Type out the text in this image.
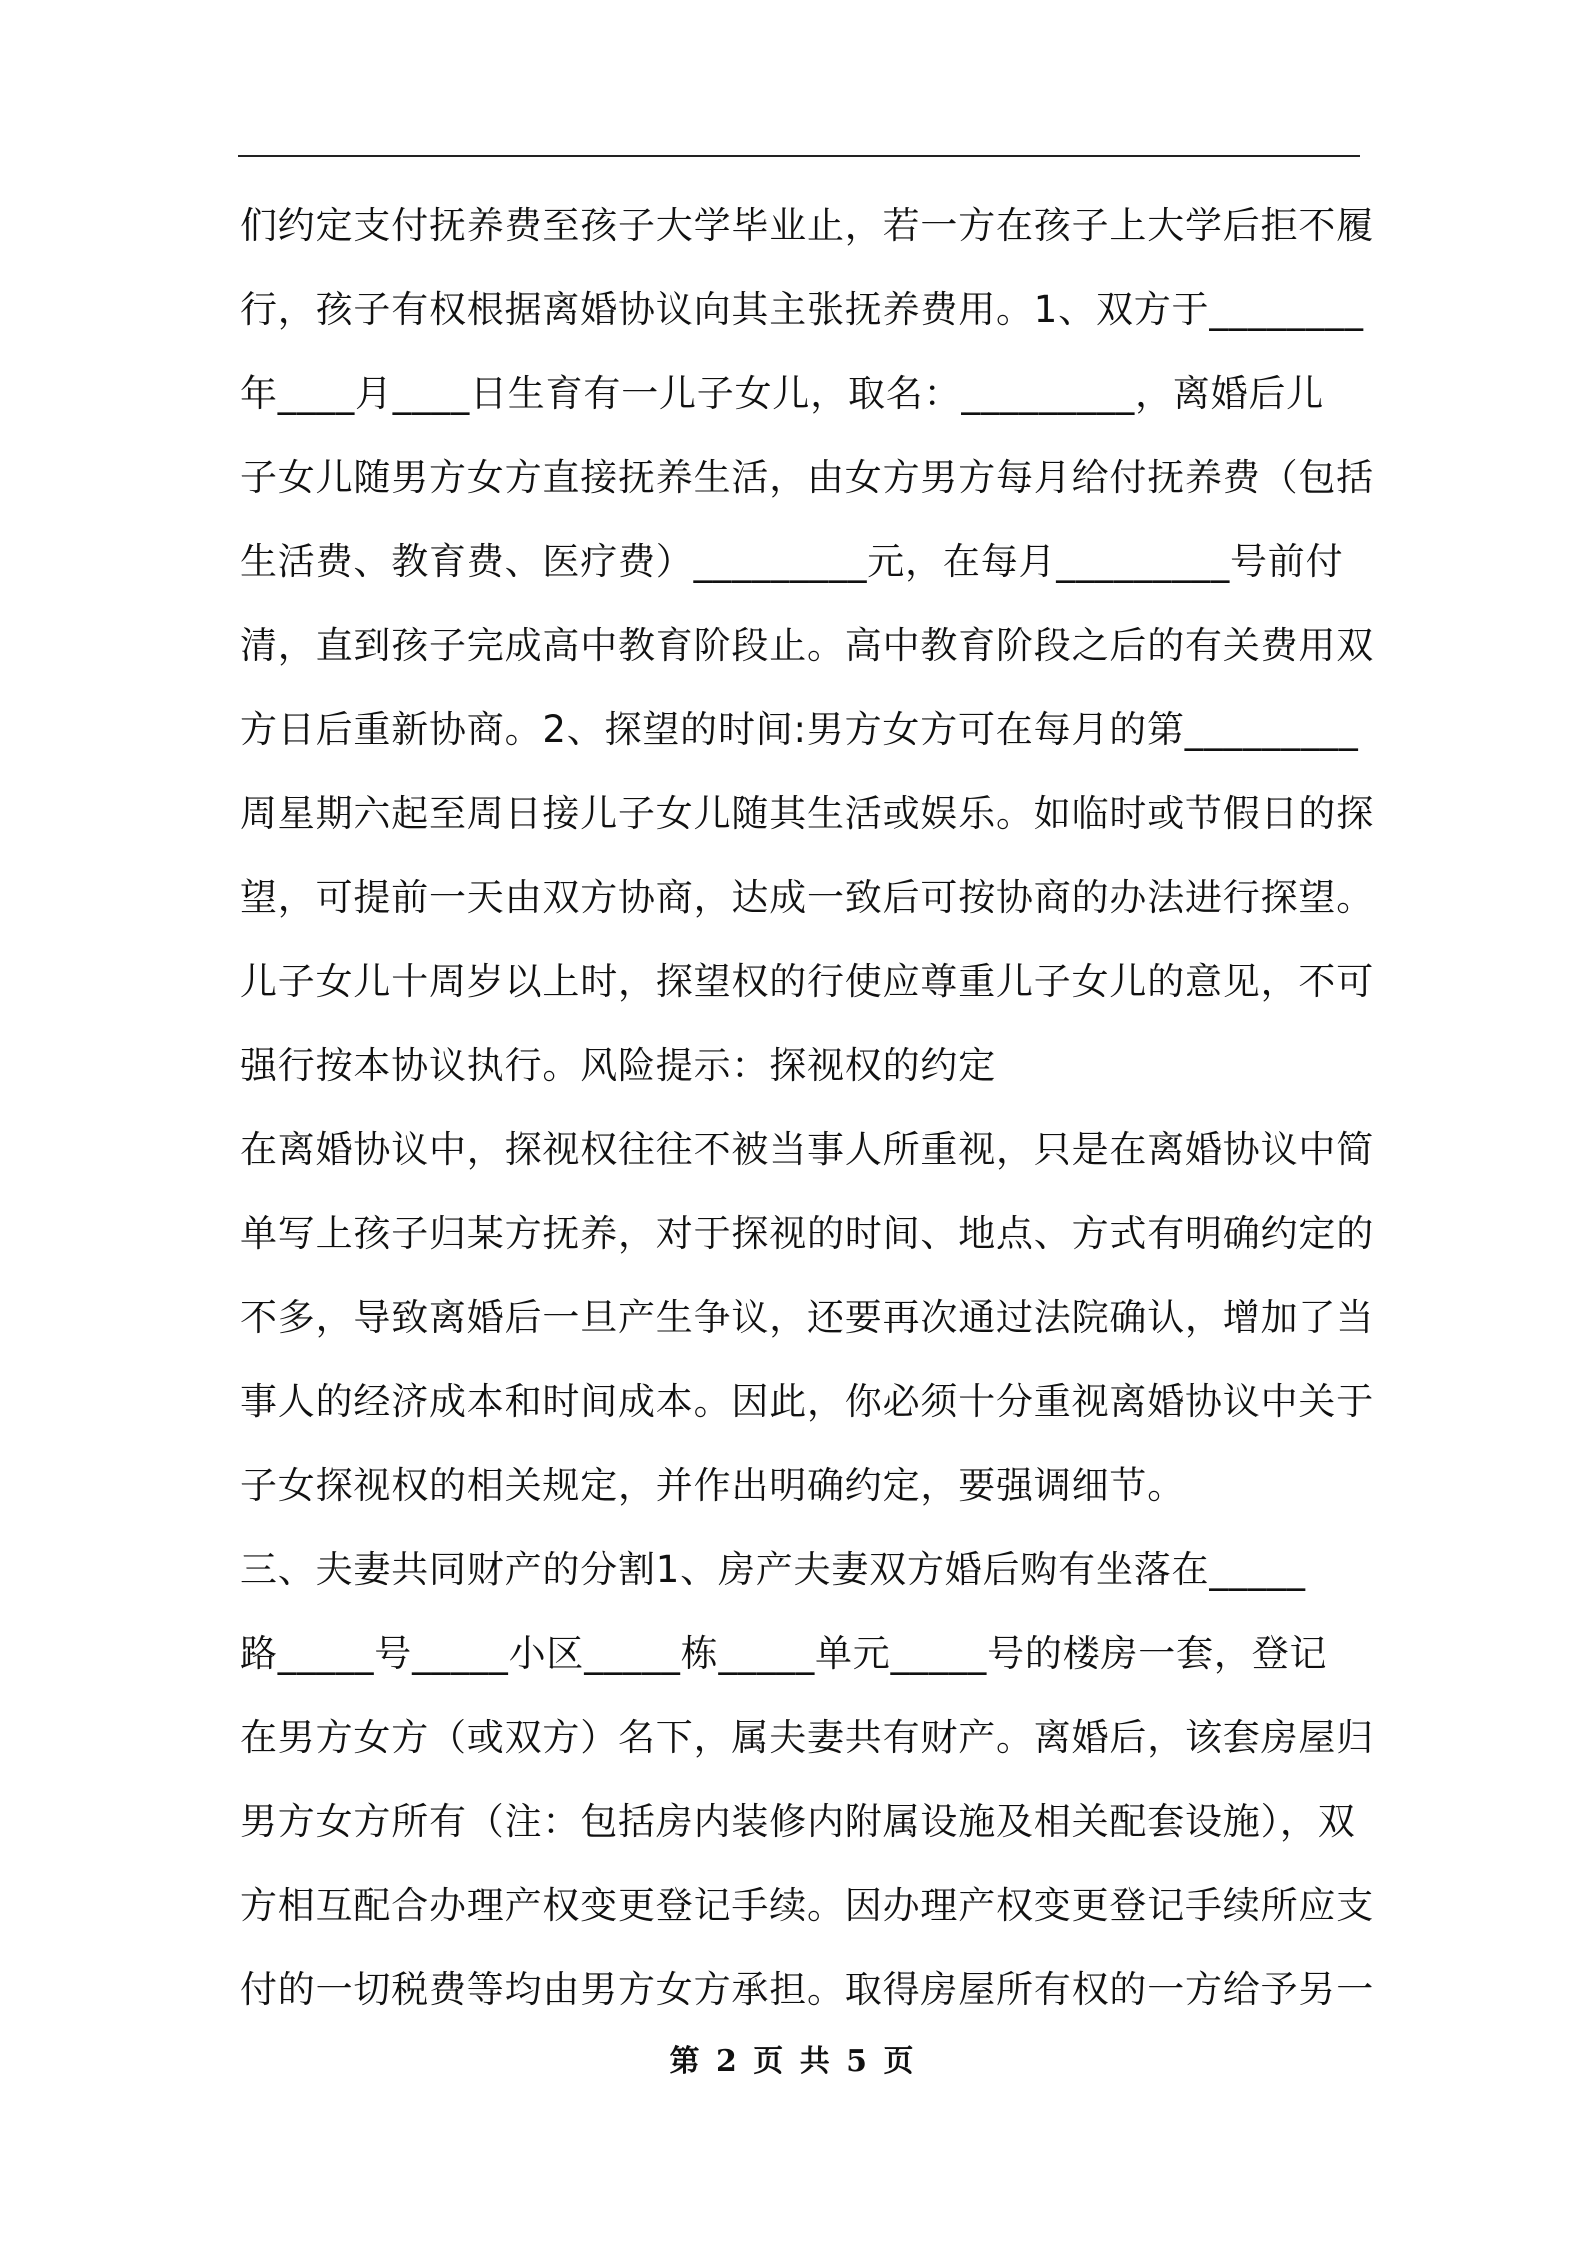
们约定支付抚养费至孩子大学毕业止，若一方在孩子上大学后拒不履
行，孩子有权根据离婚协议向其主张抚养费用。1、双方于________
年____月____日生育有一儿子女儿，取名：_________，离婚后儿
子女儿随男方女方直接抚养生活，由女方男方每月给付抚养费（包括
生活费、教育费、医疗费）_________元，在每月_________号前付
清，直到孩子完成高中教育阶段止。高中教育阶段之后的有关费用双
方日后重新协商。2、探望的时间:男方女方可在每月的第_________
周星期六起至周日接儿子女儿随其生活或娱乐。如临时或节假日的探
望，可提前一天由双方协商，达成一致后可按协商的办法进行探望。
儿子女儿十周岁以上时，探望权的行使应尊重儿子女儿的意见，不可
强行按本协议执行。风险提示：探视权的约定
在离婚协议中，探视权往往不被当事人所重视，只是在离婚协议中简
单写上孩子归某方抚养，对于探视的时间、地点、方式有明确约定的
不多，导致离婚后一旦产生争议，还要再次通过法院确认，增加了当
事人的经济成本和时间成本。因此，你必须十分重视离婚协议中关于
子女探视权的相关规定，并作出明确约定，要强调细节。
三、夫妻共同财产的分割1、房产夫妻双方婚后购有坐落在_____
路_____号_____小区_____栋_____单元_____号的楼房一套，登记
在男方女方（或双方）名下，属夫妻共有财产。离婚后，该套房屋归
男方女方所有（注：包括房内装修内附属设施及相关配套设施），双
方相互配合办理产权变更登记手续。因办理产权变更登记手续所应支
付的一切税费等均由男方女方承担。取得房屋所有权的一方给予另一
第 2 页 共 5 页
